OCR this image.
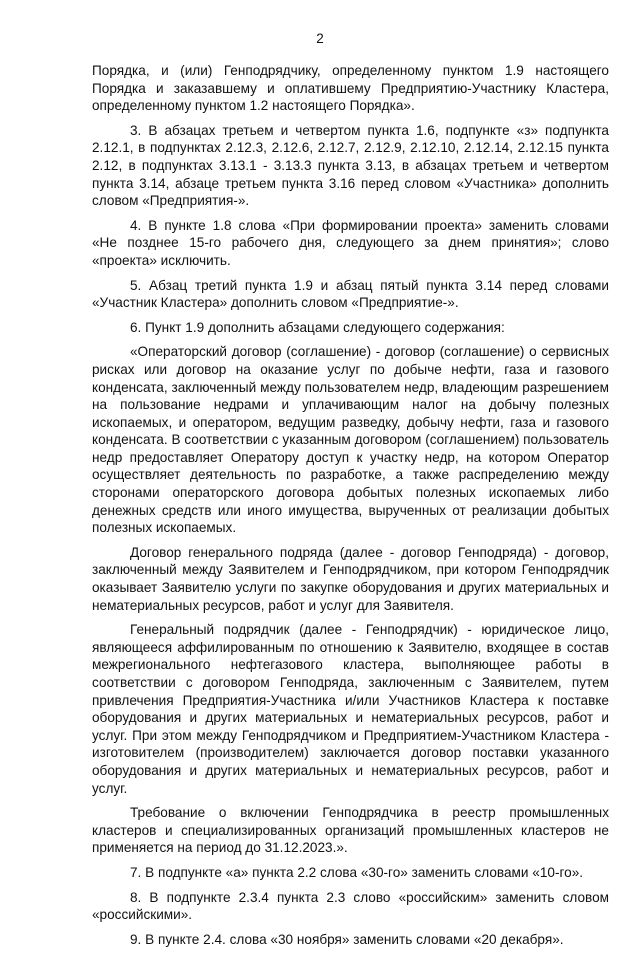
2

Порядка, и (или) Генподрядчику, определенному пунктом 1.9 настоящего Порядка и заказавшему и оплатившему Предприятию-Участнику Кластера, определенному пунктом 1.2 настоящего Порядка».

3. В абзацах третьем и четвертом пункта 1.6, подпункте «з» подпункта 2.12.1, в подпунктах 2.12.3, 2.12.6, 2.12.7, 2.12.9, 2.12.10, 2.12.14, 2.12.15 пункта 2.12, в подпунктах 3.13.1 - 3.13.3 пункта 3.13, в абзацах третьем и четвертом пункта 3.14, абзаце третьем пункта 3.16 перед словом «Участника» дополнить словом «Предприятия-».

4. В пункте 1.8 слова «При формировании проекта» заменить словами «Не позднее 15-го рабочего дня, следующего за днем принятия»; слово «проекта» исключить.

5. Абзац третий пункта 1.9 и абзац пятый пункта 3.14 перед словами «Участник Кластера» дополнить словом «Предприятие-».

6. Пункт 1.9 дополнить абзацами следующего содержания:

«Операторский договор (соглашение) - договор (соглашение) о сервисных рисках или договор на оказание услуг по добыче нефти, газа и газового конденсата, заключенный между пользователем недр, владеющим разрешением на пользование недрами и уплачивающим налог на добычу полезных ископаемых, и оператором, ведущим разведку, добычу нефти, газа и газового конденсата. В соответствии с указанным договором (соглашением) пользователь недр предоставляет Оператору доступ к участку недр, на котором Оператор осуществляет деятельность по разработке, а также распределению между сторонами операторского договора добытых полезных ископаемых либо денежных средств или иного имущества, вырученных от реализации добытых полезных ископаемых.

Договор генерального подряда (далее - договор Генподряда) - договор, заключенный между Заявителем и Генподрядчиком, при котором Генподрядчик оказывает Заявителю услуги по закупке оборудования и других материальных и нематериальных ресурсов, работ и услуг для Заявителя.

Генеральный подрядчик (далее - Генподрядчик) - юридическое лицо, являющееся аффилированным по отношению к Заявителю, входящее в состав межрегионального нефтегазового кластера, выполняющее работы в соответствии с договором Генподряда, заключенным с Заявителем, путем привлечения Предприятия-Участника и/или Участников Кластера к поставке оборудования и других материальных и нематериальных ресурсов, работ и услуг. При этом между Генподрядчиком и Предприятием-Участником Кластера - изготовителем (производителем) заключается договор поставки указанного оборудования и других материальных и нематериальных ресурсов, работ и услуг.

Требование о включении Генподрядчика в реестр промышленных кластеров и специализированных организаций промышленных кластеров не применяется на период до 31.12.2023.».

7. В подпункте «а» пункта 2.2 слова «30-го» заменить словами «10-го».

8. В подпункте 2.3.4 пункта 2.3 слово «российским» заменить словом «российскими».

9. В пункте 2.4. слова «30 ноября» заменить словами «20 декабря».
